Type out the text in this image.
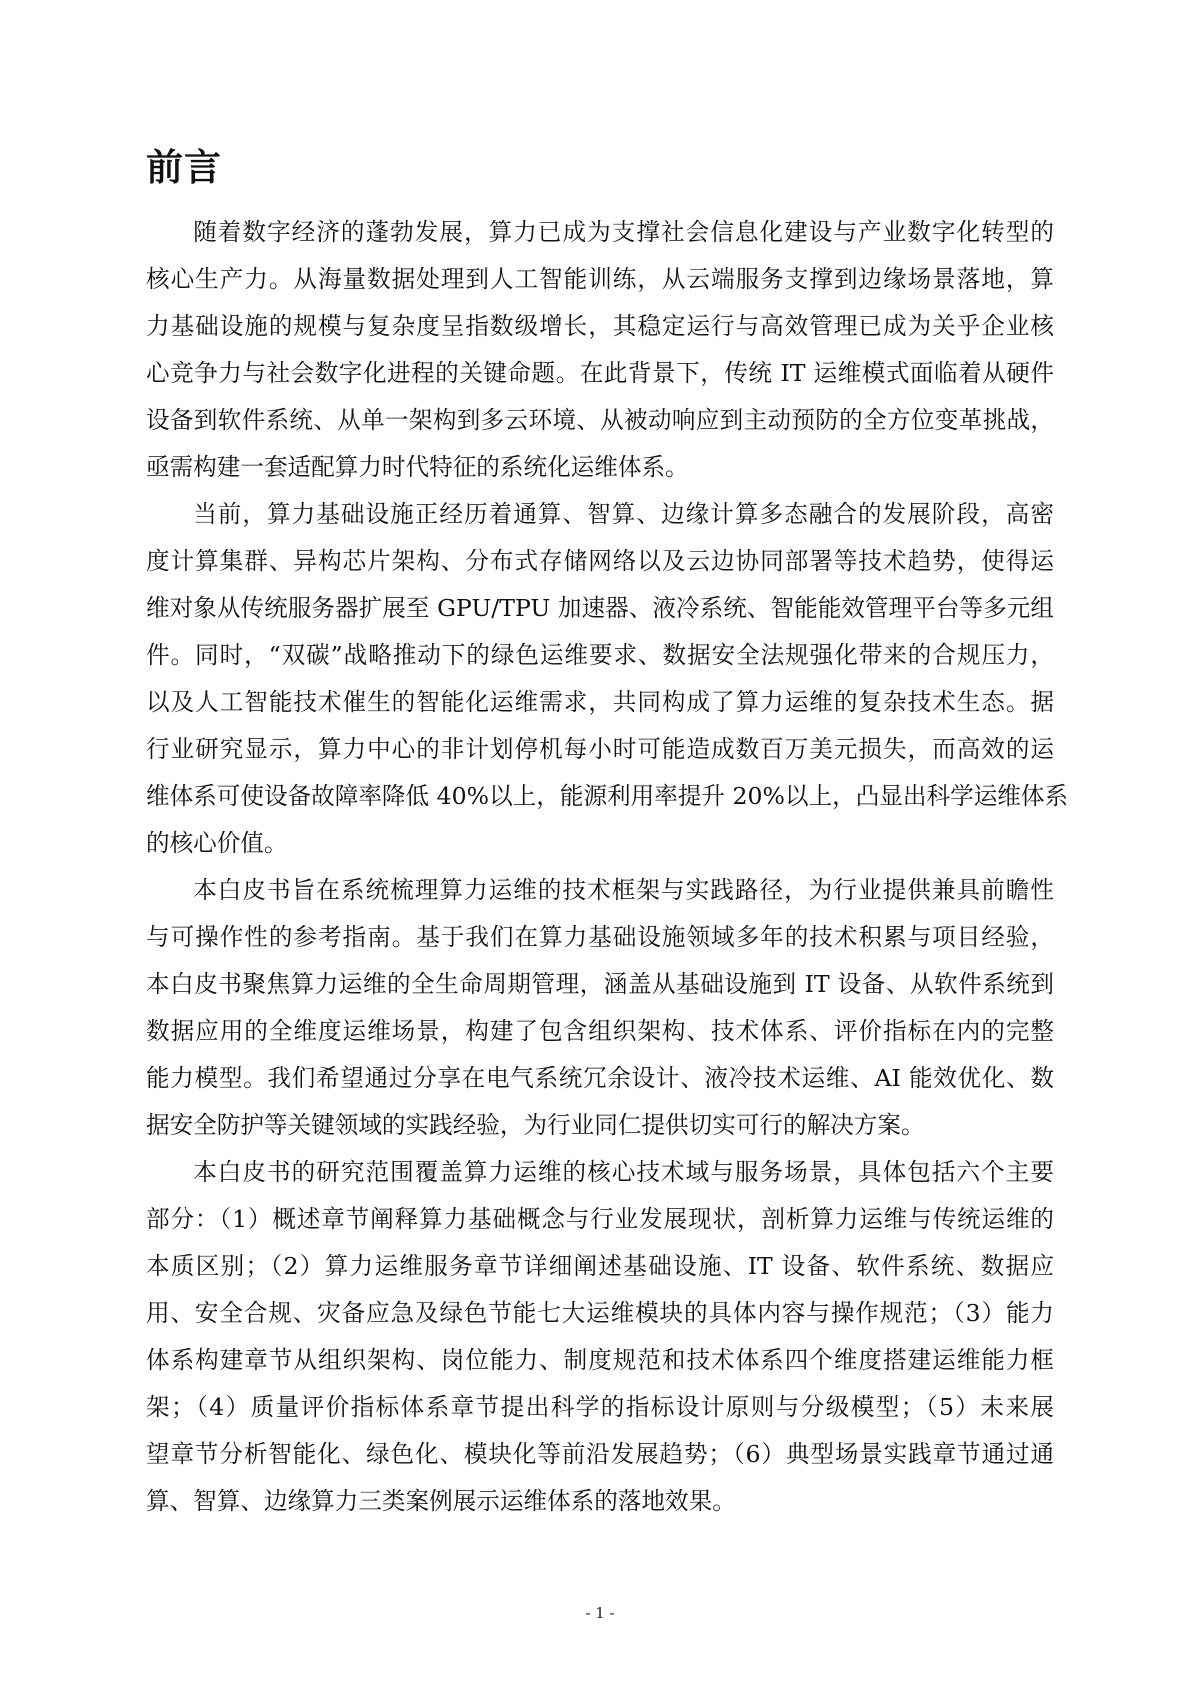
前言
随着数字经济的蓬勃发展，算力已成为支撑社会信息化建设与产业数字化转型的
核心生产力。从海量数据处理到人工智能训练，从云端服务支撑到边缘场景落地，算
力基础设施的规模与复杂度呈指数级增长，其稳定运行与高效管理已成为关乎企业核
心竞争力与社会数字化进程的关键命题。在此背景下，传统 IT 运维模式面临着从硬件
设备到软件系统、从单一架构到多云环境、从被动响应到主动预防的全方位变革挑战，
亟需构建一套适配算力时代特征的系统化运维体系。
当前，算力基础设施正经历着通算、智算、边缘计算多态融合的发展阶段，高密
度计算集群、异构芯片架构、分布式存储网络以及云边协同部署等技术趋势，使得运
维对象从传统服务器扩展至 GPU/TPU 加速器、液冷系统、智能能效管理平台等多元组
件。同时，“双碳”战略推动下的绿色运维要求、数据安全法规强化带来的合规压力，
以及人工智能技术催生的智能化运维需求，共同构成了算力运维的复杂技术生态。据
行业研究显示，算力中心的非计划停机每小时可能造成数百万美元损失，而高效的运
维体系可使设备故障率降低 40%以上，能源利用率提升 20%以上，凸显出科学运维体系
的核心价值。
本白皮书旨在系统梳理算力运维的技术框架与实践路径，为行业提供兼具前瞻性
与可操作性的参考指南。基于我们在算力基础设施领域多年的技术积累与项目经验，
本白皮书聚焦算力运维的全生命周期管理，涵盖从基础设施到 IT 设备、从软件系统到
数据应用的全维度运维场景，构建了包含组织架构、技术体系、评价指标在内的完整
能力模型。我们希望通过分享在电气系统冗余设计、液冷技术运维、AI 能效优化、数
据安全防护等关键领域的实践经验，为行业同仁提供切实可行的解决方案。
本白皮书的研究范围覆盖算力运维的核心技术域与服务场景，具体包括六个主要
部分：（1）概述章节阐释算力基础概念与行业发展现状，剖析算力运维与传统运维的
本质区别；（2）算力运维服务章节详细阐述基础设施、IT 设备、软件系统、数据应
用、安全合规、灾备应急及绿色节能七大运维模块的具体内容与操作规范；（3）能力
体系构建章节从组织架构、岗位能力、制度规范和技术体系四个维度搭建运维能力框
架；（4）质量评价指标体系章节提出科学的指标设计原则与分级模型；（5）未来展
望章节分析智能化、绿色化、模块化等前沿发展趋势；（6）典型场景实践章节通过通
算、智算、边缘算力三类案例展示运维体系的落地效果。
- 1 -
